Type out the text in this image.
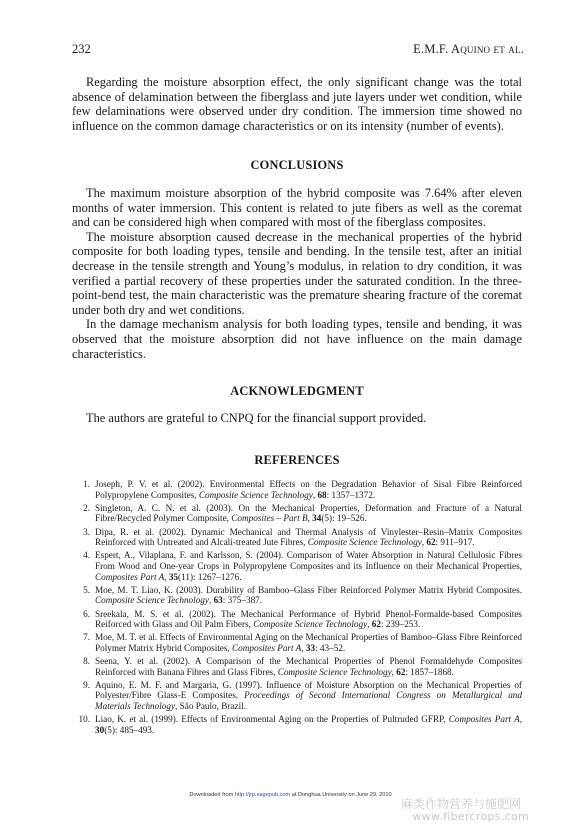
232	E.M.F. Aquino et al.

Regarding the moisture absorption effect, the only significant change was the total absence of delamination between the fiberglass and jute layers under wet condition, while few delaminations were observed under dry condition. The immersion time showed no influence on the common damage characteristics or on its intensity (number of events).

CONCLUSIONS

The maximum moisture absorption of the hybrid composite was 7.64% after eleven months of water immersion. This content is related to jute fibers as well as the coremat and can be considered high when compared with most of the fiberglass composites.

The moisture absorption caused decrease in the mechanical properties of the hybrid composite for both loading types, tensile and bending. In the tensile test, after an initial decrease in the tensile strength and Young’s modulus, in relation to dry condition, it was verified a partial recovery of these properties under the saturated condition. In the three-point-bend test, the main characteristic was the premature shearing fracture of the coremat under both dry and wet conditions.

In the damage mechanism analysis for both loading types, tensile and bending, it was observed that the moisture absorption did not have influence on the main damage characteristics.

ACKNOWLEDGMENT

The authors are grateful to CNPQ for the financial support provided.

REFERENCES
1. Joseph, P. V. et al. (2002). Environmental Effects on the Degradation Behavior of Sisal Fibre Reinforced Polypropylene Composites, Composite Science Technology, 68: 1357–1372.
2. Singleton, A. C. N. et al. (2003). On the Mechanical Properties, Deformation and Fracture of a Natural Fibre/Recycled Polymer Composite, Composites – Part B, 34(5): 19–526.
3. Dipa, R. et al. (2002). Dynamic Mechanical and Thermal Analysis of Vinylester–Resin–Matrix Composites Reinforced with Untreated and Alcali-treated Jute Fibres, Composite Science Technology, 62: 911–917.
4. Espert, A., Vilaplana, F. and Karlsson, S. (2004). Comparison of Water Absorption in Natural Cellulosic Fibres From Wood and One-year Crops in Polypropylene Composites and its Influence on their Mechanical Properties, Composites Part A, 35(11): 1267–1276.
5. Moe, M. T. Liao, K. (2003). Durability of Bamboo–Glass Fiber Reinforced Polymer Matrix Hybrid Composites. Composite Science Technology, 63: 375–387.
6. Sreekala, M. S. et al. (2002). The Mechanical Performance of Hybrid Phenol-Formalde-based Composites Reiforced with Glass and Oil Palm Fibers, Composite Science Technology, 62: 239–253.
7. Moe, M. T. et al. Effects of Environmental Aging on the Mechanical Properties of Bamboo–Glass Fibre Reinforced Polymer Matrix Hybrid Composites, Composites Part A, 33: 43–52.
8. Seena, Y. et al. (2002). A Comparison of the Mechanical Properties of Phenol Formaldehyde Composites Reinforced with Banana Fibres and Glass Fibres, Composite Science Technology, 62: 1857–1868.
9. Aquino, E. M. F. and Margaria, G. (1997). Influence of Moisture Absorption on the Mechanical Properties of Polyester/Fibre Glass-E Composites. Proceedings of Second International Congress on Metallurgical and Materials Technology, São Paulo, Brazil.
10. Liao, K. et al. (1999). Effects of Environmental Aging on the Properties of Pultruded GFRP, Composites Part A, 30(5): 485–493.
Downloaded from http://jrp.sagepub.com at Donghua University on June 29, 2010
麻类作物营养与施肥网
www.fibercrops.com
